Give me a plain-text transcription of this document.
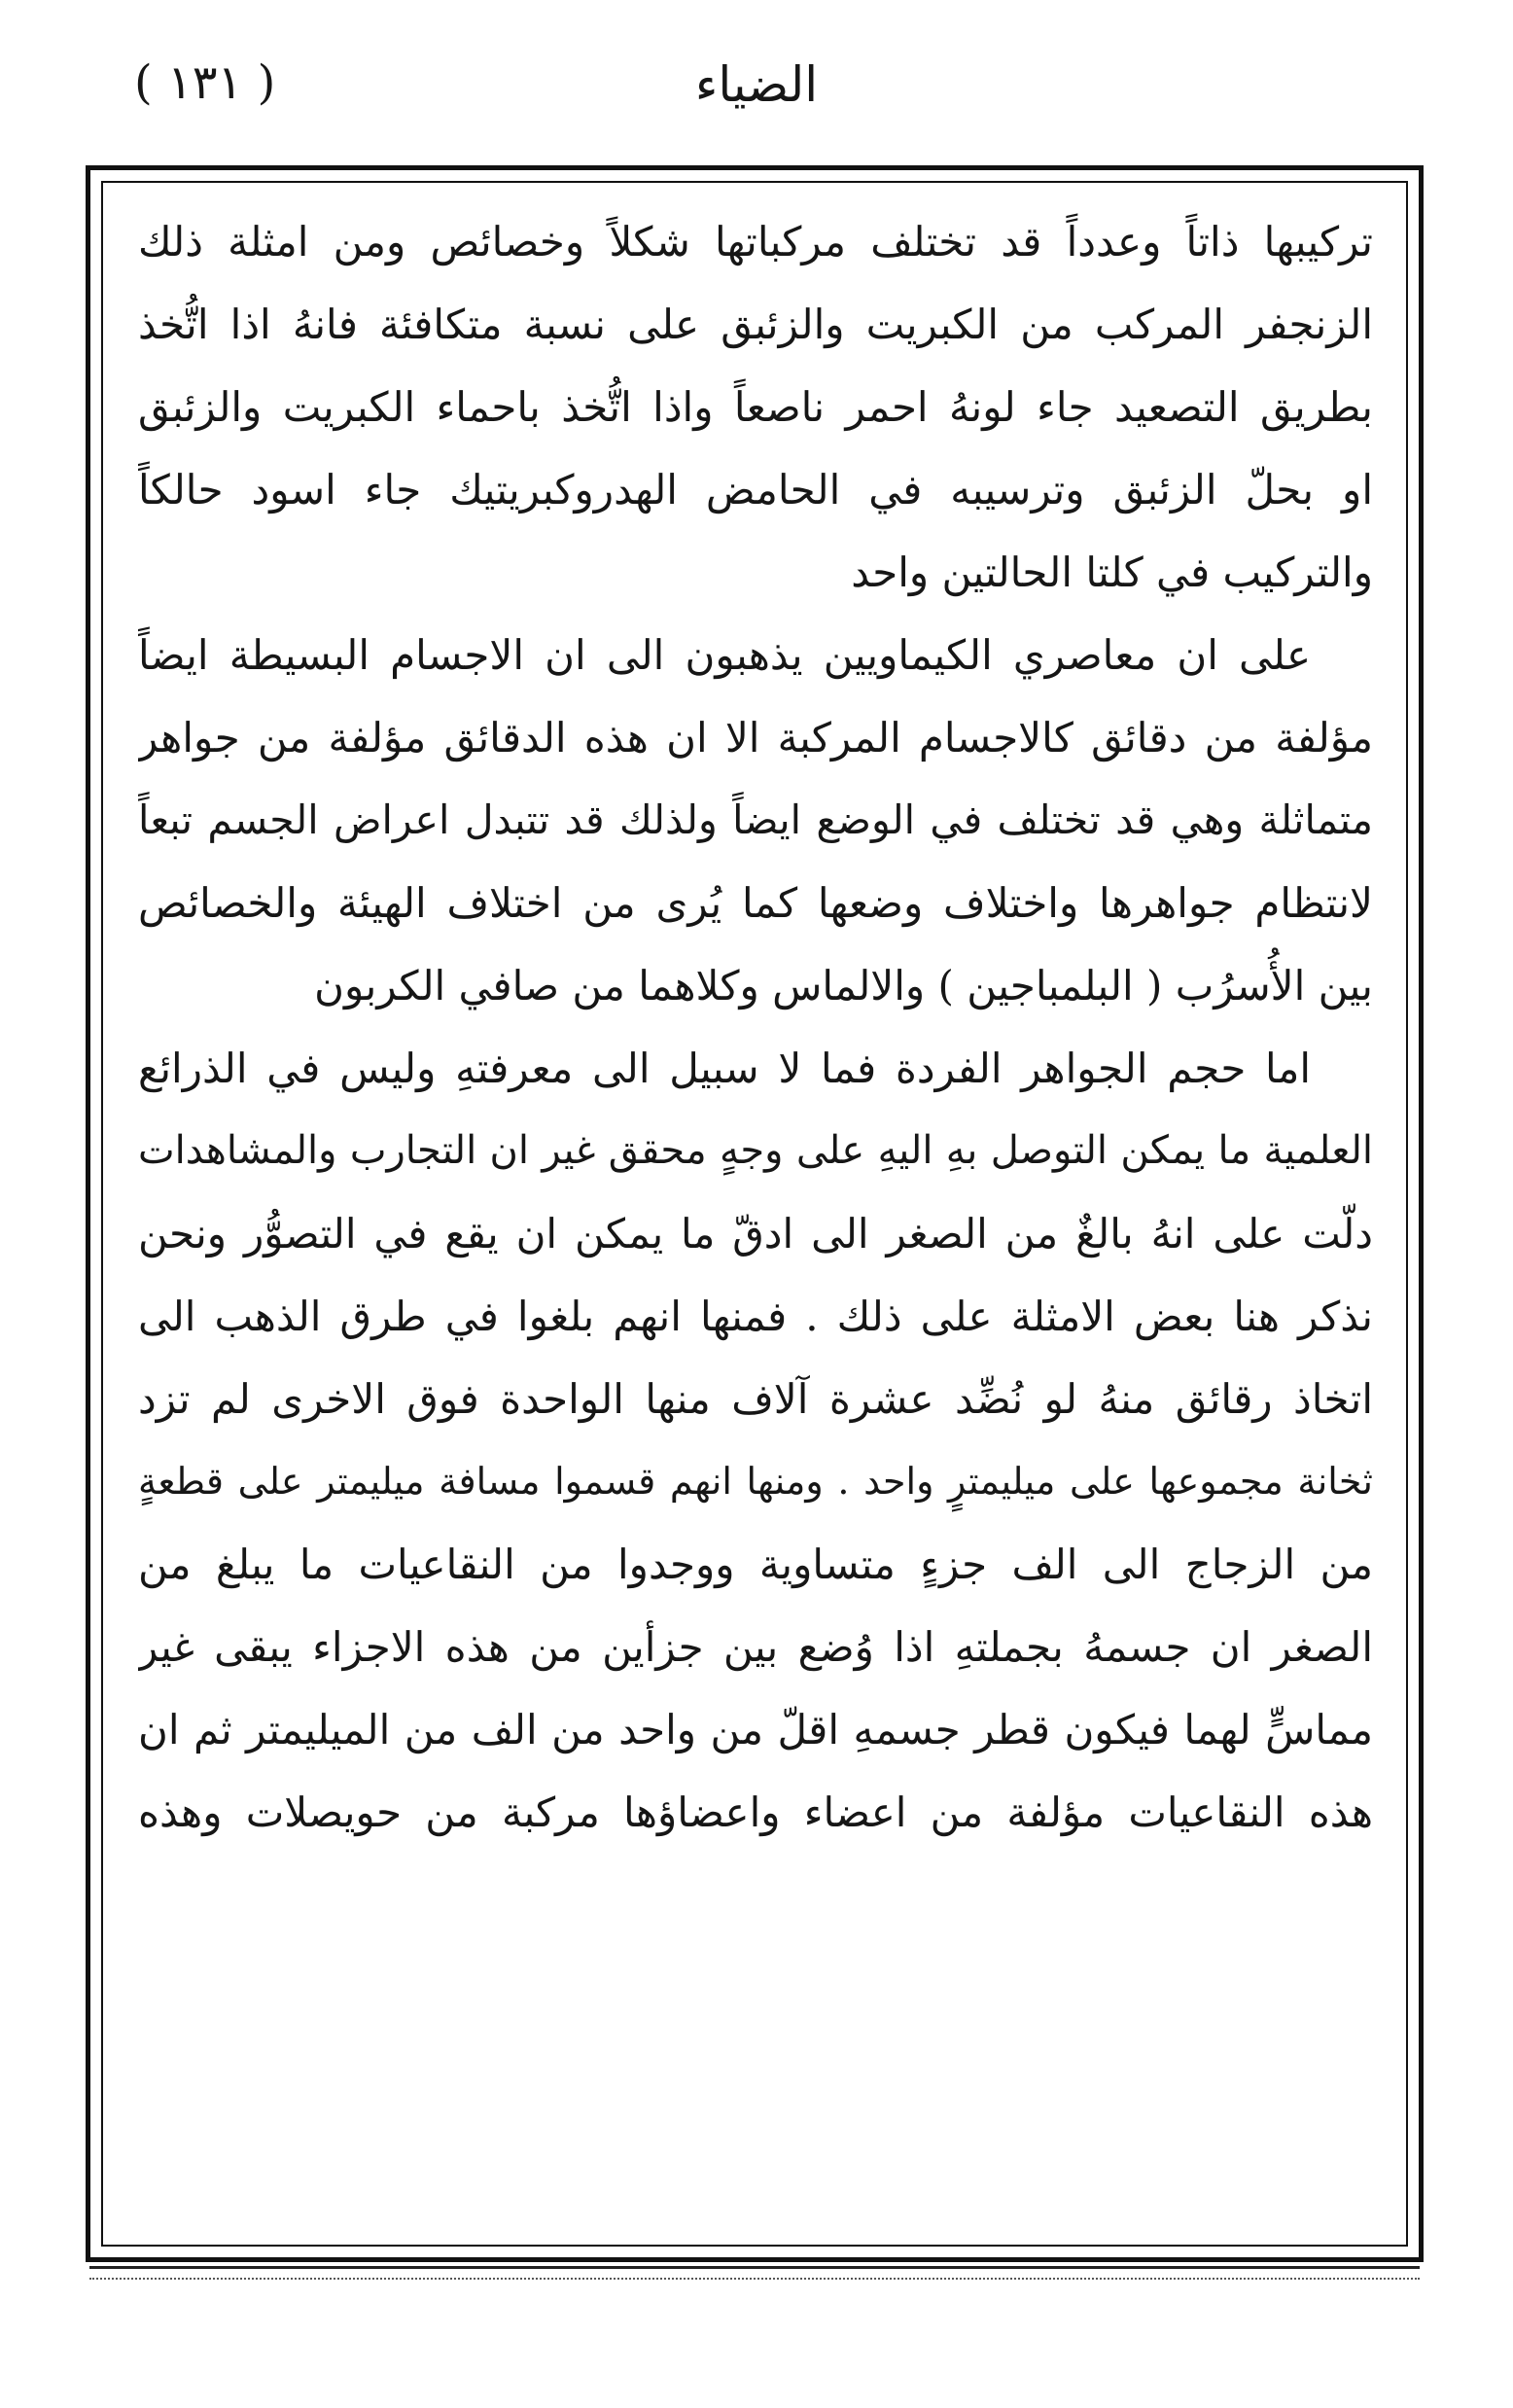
الضياء
( ١٣١ )
تركيبها ذاتاً وعدداً قد تختلف مركباتها شكلاً وخصائص ومن امثلة ذلك
الزنجفر المركب من الكبريت والزئبق على نسبة متكافئة فانهُ اذا اتُّخذ
بطريق التصعيد جاء لونهُ احمر ناصعاً واذا اتُّخذ باحماء الكبريت والزئبق
او بحلّ الزئبق وترسيبه في الحامض الهدروكبريتيك جاء اسود حالكاً
والتركيب في كلتا الحالتين واحد
على ان معاصري الكيماويين يذهبون الى ان الاجسام البسيطة ايضاً
مؤلفة من دقائق كالاجسام المركبة الا ان هذه الدقائق مؤلفة من جواهر
متماثلة وهي قد تختلف في الوضع ايضاً ولذلك قد تتبدل اعراض الجسم تبعاً
لانتظام جواهرها واختلاف وضعها كما يُرى من اختلاف الهيئة والخصائص
بين الأُسرُب ( البلمباجين ) والالماس وكلاهما من صافي الكربون
اما حجم الجواهر الفردة فما لا سبيل الى معرفتهِ وليس في الذرائع
العلمية ما يمكن التوصل بهِ اليهِ على وجهٍ محقق غير ان التجارب والمشاهدات
دلّت على انهُ بالغٌ من الصغر الى ادقّ ما يمكن ان يقع في التصوُّر ونحن
نذكر هنا بعض الامثلة على ذلك . فمنها انهم بلغوا في طرق الذهب الى
اتخاذ رقائق منهُ لو نُضِّد عشرة آلاف منها الواحدة فوق الاخرى لم تزد
ثخانة مجموعها على ميليمترٍ واحد . ومنها انهم قسموا مسافة ميليمتر على قطعةٍ
من الزجاج الى الف جزءٍ متساوية ووجدوا من النقاعيات ما يبلغ من
الصغر ان جسمهُ بجملتهِ اذا وُضع بين جزأين من هذه الاجزاء يبقى غير
مماسٍّ لهما فيكون قطر جسمهِ اقلّ من واحد من الف من الميليمتر ثم ان
هذه النقاعيات مؤلفة من اعضاء واعضاؤها مركبة من حويصلات وهذه
